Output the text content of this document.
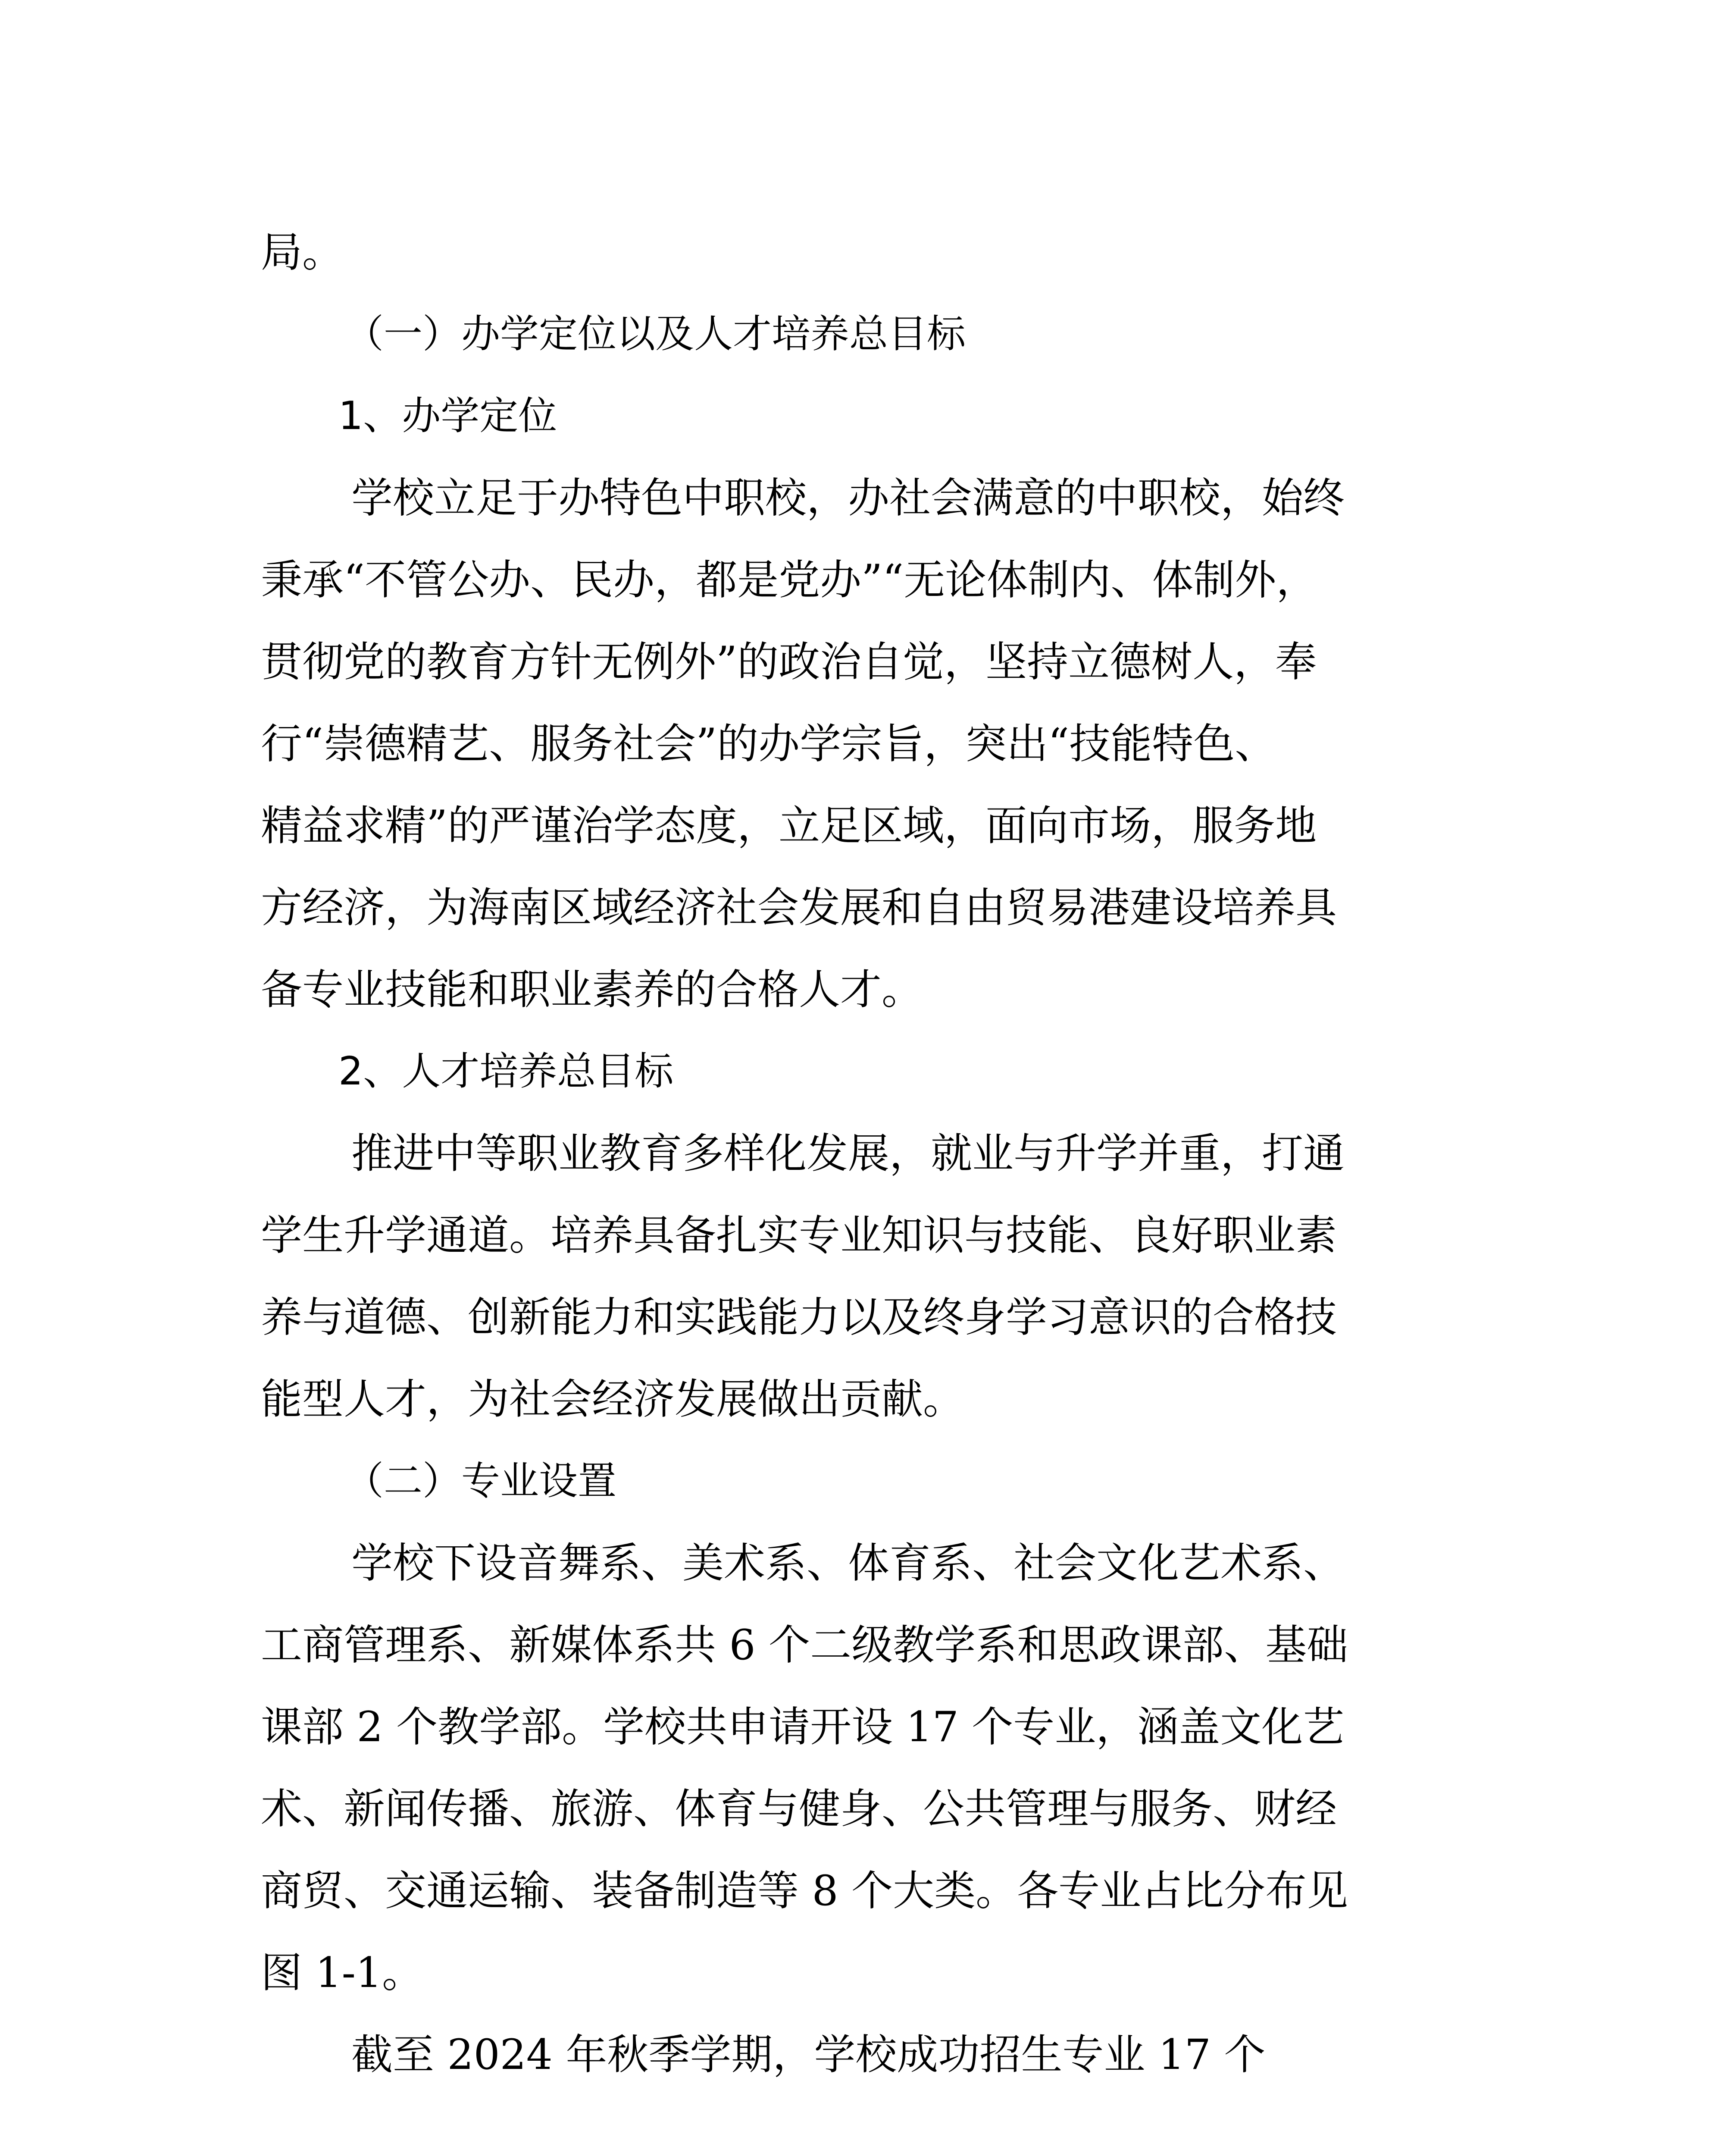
局。
（一）办学定位以及人才培养总目标
1、办学定位
学校立足于办特色中职校，办社会满意的中职校，始终
秉承“不管公办、民办，都是党办”“无论体制内、体制外，
贯彻党的教育方针无例外”的政治自觉，坚持立德树人，奉
行“崇德精艺、服务社会”的办学宗旨，突出“技能特色、
精益求精”的严谨治学态度，立足区域，面向市场，服务地
方经济，为海南区域经济社会发展和自由贸易港建设培养具
备专业技能和职业素养的合格人才。
2、人才培养总目标
推进中等职业教育多样化发展，就业与升学并重，打通
学生升学通道。培养具备扎实专业知识与技能、良好职业素
养与道德、创新能力和实践能力以及终身学习意识的合格技
能型人才，为社会经济发展做出贡献。
（二）专业设置
学校下设音舞系、美术系、体育系、社会文化艺术系、
工商管理系、新媒体系共 6 个二级教学系和思政课部、基础
课部 2 个教学部。学校共申请开设 17 个专业，涵盖文化艺
术、新闻传播、旅游、体育与健身、公共管理与服务、财经
商贸、交通运输、装备制造等 8 个大类。各专业占比分布见
图 1-1。
截至 2024 年秋季学期，学校成功招生专业 17 个
